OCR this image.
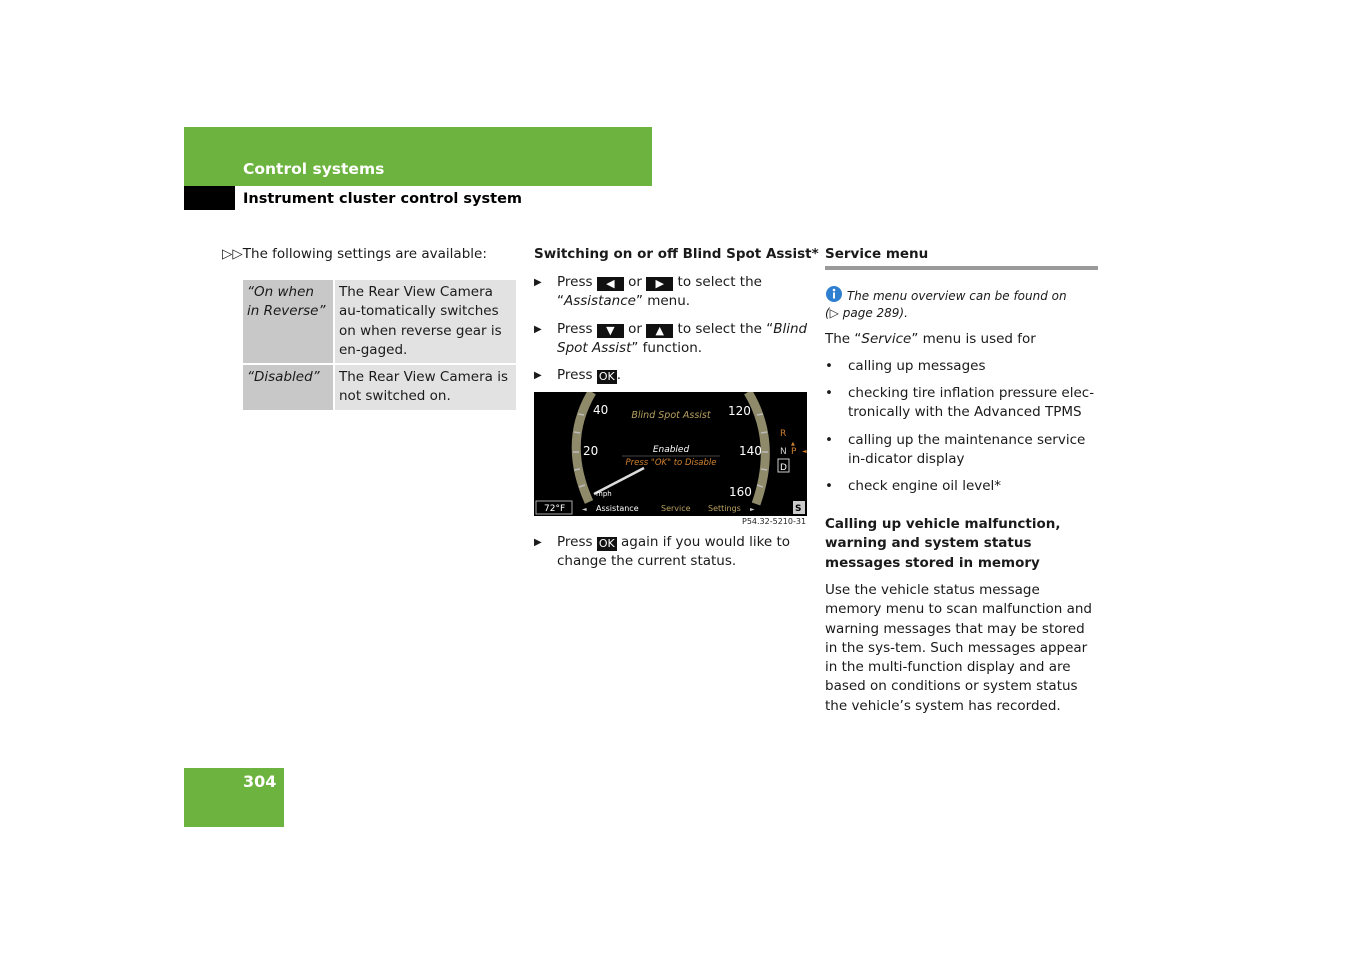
Control systems
Instrument cluster control system
▷▷The following settings are available:
“On when in Reverse”	The Rear View Camera au-tomatically switches on when reverse gear is en-gaged.
“Disabled”	The Rear View Camera is not switched on.
Switching on or off Blind Spot Assist*
▶ Press ◀ or ▶ to select the
“Assistance” menu.
▶ Press ▼ or ▲ to select the “Blind Spot Assist” function.
▶ Press OK .
40
20
120
140
160
mph
Blind Spot Assist
Enabled
Press "OK" to Disable
R
▲
N P ◄
D
72°F	◄ Assistance	Service Settings ►	S
P54.32-5210-31
▶ Press OK again if you would like to change the current status.
Service menu
The menu overview can be found on
(▷ page 289).
The “Service” menu is used for
• calling up messages
• checking tire inflation pressure elec-tronically with the Advanced TPMS
• calling up the maintenance service in-dicator display
• check engine oil level*
Calling up vehicle malfunction, warning and system status messages stored in memory
Use the vehicle status message memory menu to scan malfunction and warning messages that may be stored in the sys-tem. Such messages appear in the multi-function display and are based on conditions or system status the vehicle’s system has recorded.
304
